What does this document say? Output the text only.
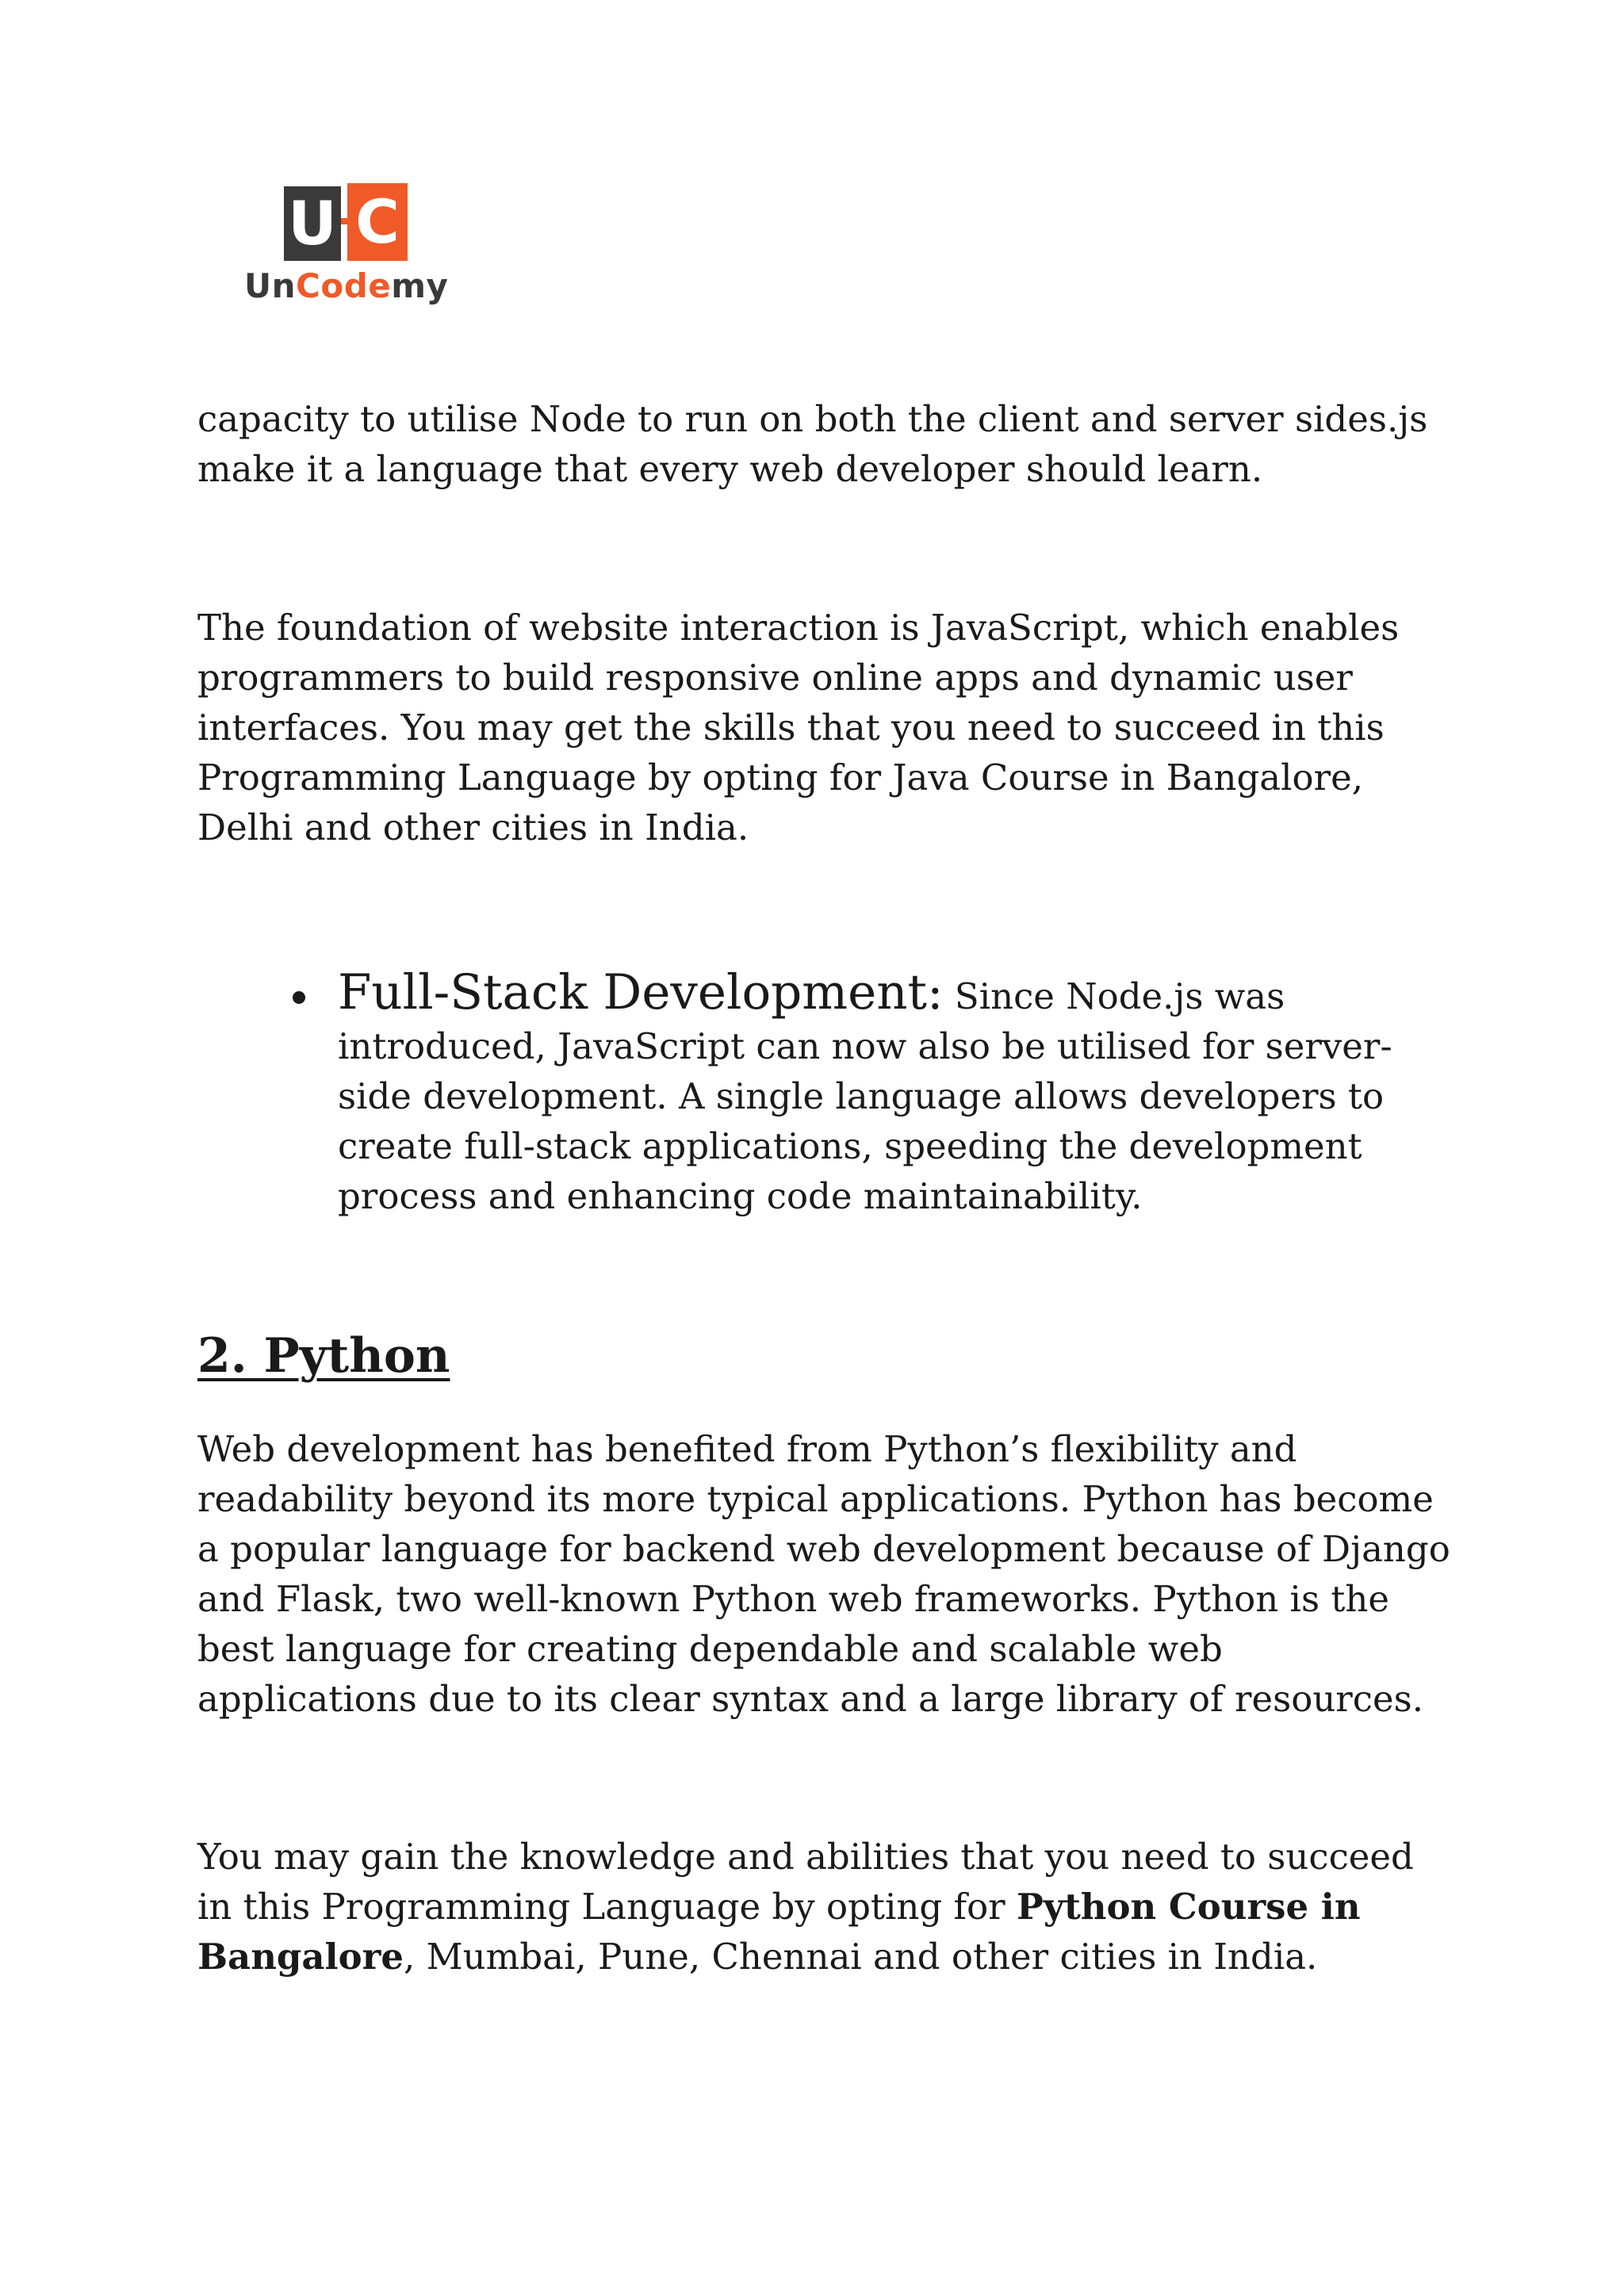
U C
UnCodemy

capacity to utilise Node to run on both the client and server sides.js make it a language that every web developer should learn.

The foundation of website interaction is JavaScript, which enables programmers to build responsive online apps and dynamic user interfaces. You may get the skills that you need to succeed in this Programming Language by opting for Java Course in Bangalore, Delhi and other cities in India.

Full-Stack Development: Since Node.js was introduced, JavaScript can now also be utilised for server-side development. A single language allows developers to create full-stack applications, speeding the development process and enhancing code maintainability.
2. Python

Web development has benefited from Python’s flexibility and readability beyond its more typical applications. Python has become a popular language for backend web development because of Django and Flask, two well-known Python web frameworks. Python is the best language for creating dependable and scalable web applications due to its clear syntax and a large library of resources.

You may gain the knowledge and abilities that you need to succeed in this Programming Language by opting for Python Course in Bangalore, Mumbai, Pune, Chennai and other cities in India.
